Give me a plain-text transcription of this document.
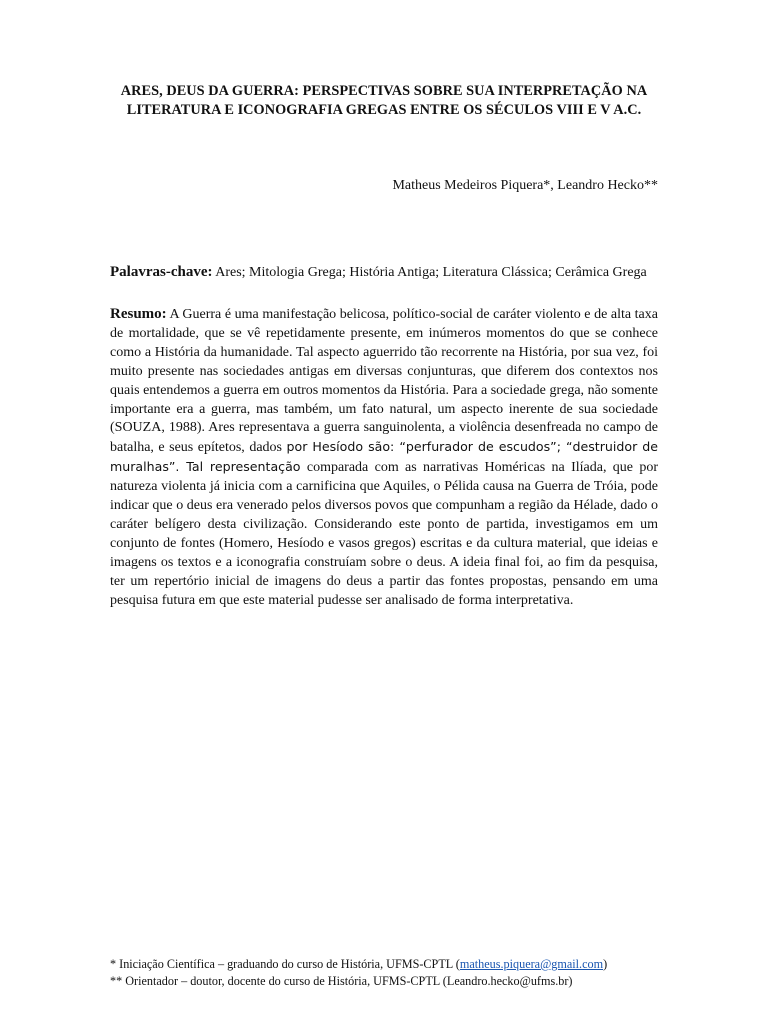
ARES, DEUS DA GUERRA: PERSPECTIVAS SOBRE SUA INTERPRETAÇÃO NA LITERATURA E ICONOGRAFIA GREGAS ENTRE OS SÉCULOS VIII E V A.C.
Matheus Medeiros Piquera*, Leandro Hecko**
Palavras-chave: Ares; Mitologia Grega; História Antiga; Literatura Clássica; Cerâmica Grega
Resumo: A Guerra é uma manifestação belicosa, político-social de caráter violento e de alta taxa de mortalidade, que se vê repetidamente presente, em inúmeros momentos do que se conhece como a História da humanidade. Tal aspecto aguerrido tão recorrente na História, por sua vez, foi muito presente nas sociedades antigas em diversas conjunturas, que diferem dos contextos nos quais entendemos a guerra em outros momentos da História. Para a sociedade grega, não somente importante era a guerra, mas também, um fato natural, um aspecto inerente de sua sociedade (SOUZA, 1988). Ares representava a guerra sanguinolenta, a violência desenfreada no campo de batalha, e seus epítetos, dados por Hesíodo são: “perfurador de escudos”; “destruidor de muralhas”. Tal representação comparada com as narrativas Homéricas na Ilíada, que por natureza violenta já inicia com a carnificina que Aquiles, o Pélida causa na Guerra de Tróia, pode indicar que o deus era venerado pelos diversos povos que compunham a região da Hélade, dado o caráter belígero desta civilização. Considerando este ponto de partida, investigamos em um conjunto de fontes (Homero, Hesíodo e vasos gregos) escritas e da cultura material, que ideias e imagens os textos e a iconografia construíam sobre o deus. A ideia final foi, ao fim da pesquisa, ter um repertório inicial de imagens do deus a partir das fontes propostas, pensando em uma pesquisa futura em que este material pudesse ser analisado de forma interpretativa.
* Iniciação Científica – graduando do curso de História, UFMS-CPTL (matheus.piquera@gmail.com)
** Orientador – doutor, docente do curso de História, UFMS-CPTL (Leandro.hecko@ufms.br)
